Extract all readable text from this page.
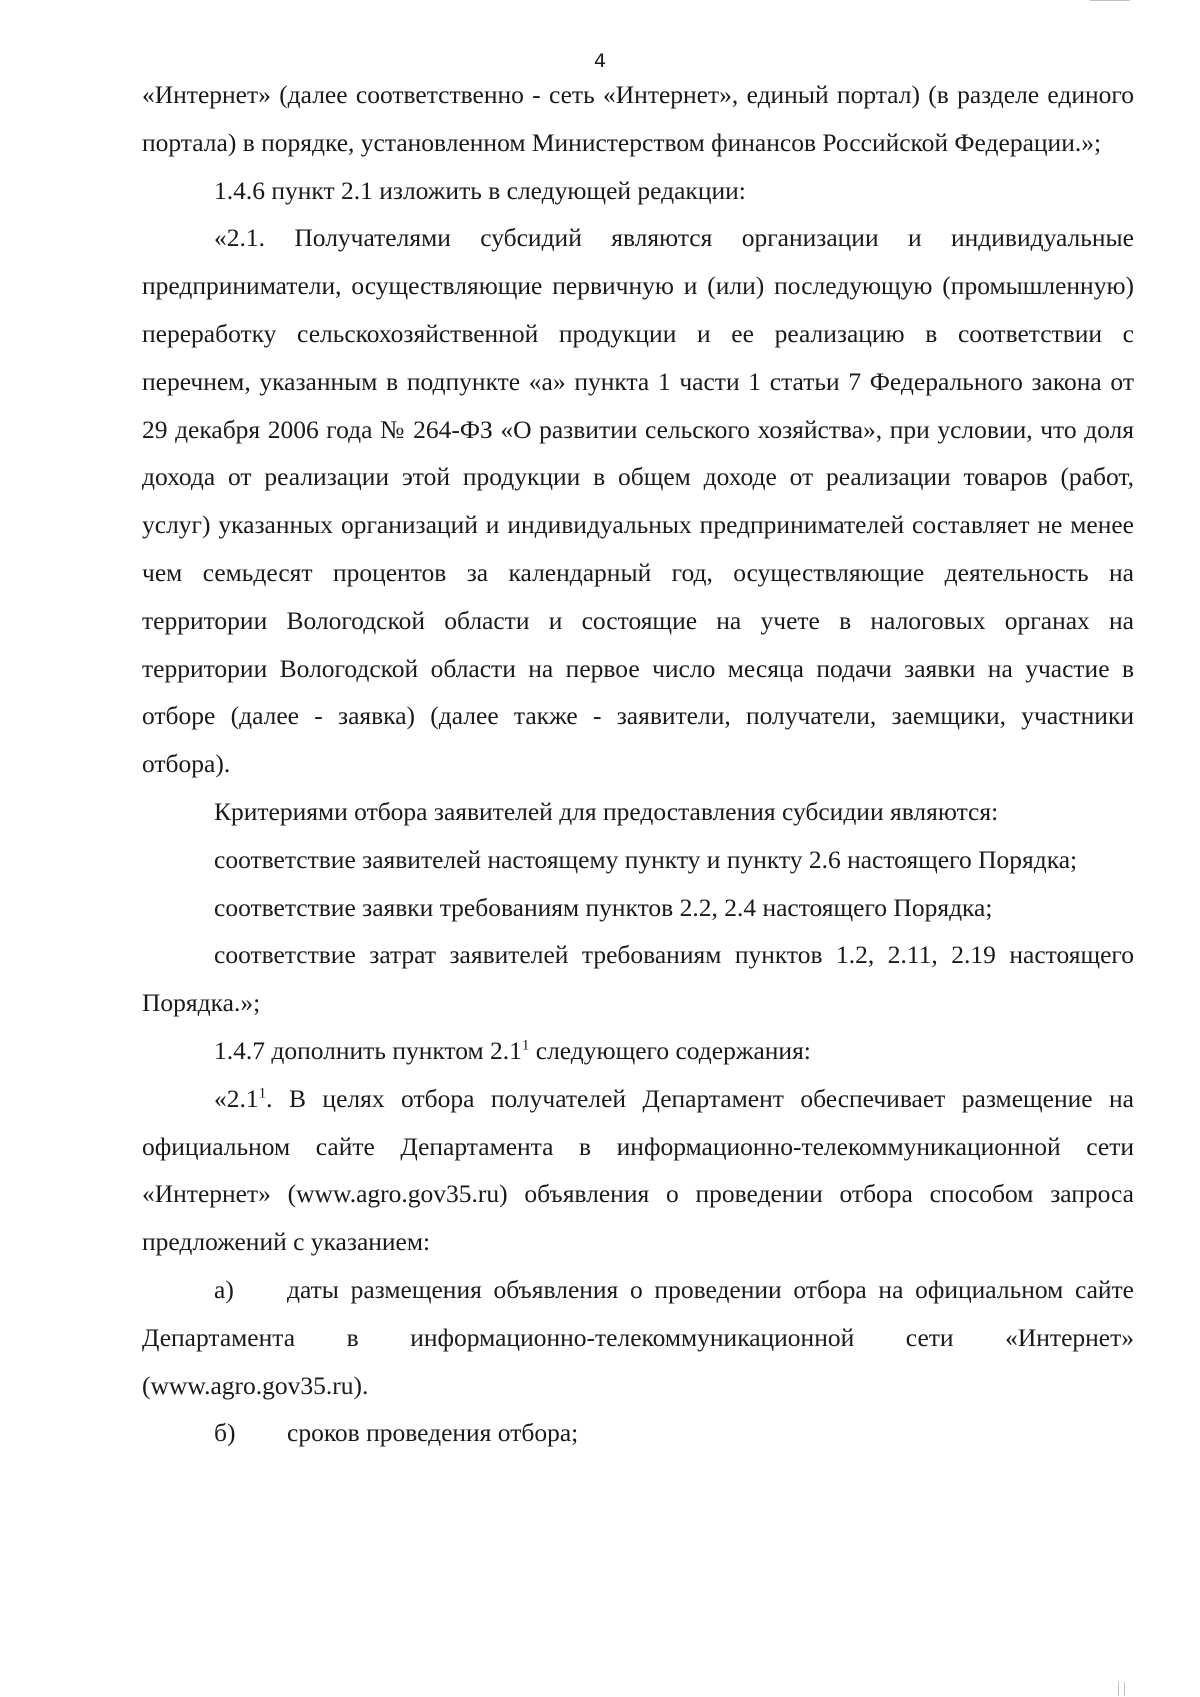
4

«Интернет» (далее соответственно - сеть «Интернет», единый портал) (в разделе единого портала) в порядке, установленном Министерством финансов Российской Федерации.»;

1.4.6 пункт 2.1 изложить в следующей редакции:

«2.1. Получателями субсидий являются организации и индивидуальные предприниматели, осуществляющие первичную и (или) последующую (промышленную) переработку сельскохозяйственной продукции и ее реализацию в соответствии с перечнем, указанным в подпункте «а» пункта 1 части 1 статьи 7 Федерального закона от 29 декабря 2006 года № 264-ФЗ «О развитии сельского хозяйства», при условии, что доля дохода от реализации этой продукции в общем доходе от реализации товаров (работ, услуг) указанных организаций и индивидуальных предпринимателей составляет не менее чем семьдесят процентов за календарный год, осуществляющие деятельность на территории Вологодской области и состоящие на учете в налоговых органах на территории Вологодской области на первое число месяца подачи заявки на участие в отборе (далее - заявка) (далее также - заявители, получатели, заемщики, участники отбора).

Критериями отбора заявителей для предоставления субсидии являются:

соответствие заявителей настоящему пункту и пункту 2.6 настоящего Порядка;

соответствие заявки требованиям пунктов 2.2, 2.4 настоящего Порядка;

соответствие затрат заявителей требованиям пунктов 1.2, 2.11, 2.19 настоящего Порядка.»;

1.4.7 дополнить пунктом $2.1^1$ следующего содержания:

«$2.1^1$. В целях отбора получателей Департамент обеспечивает размещение на официальном сайте Департамента в информационно-телекоммуникационной сети «Интернет» (www.agro.gov35.ru) объявления о проведении отбора способом запроса предложений с указанием:

а) даты размещения объявления о проведении отбора на официальном сайте Департамента в информационно-телекоммуникационной сети «Интернет» (www.agro.gov35.ru).

б) сроков проведения отбора;
